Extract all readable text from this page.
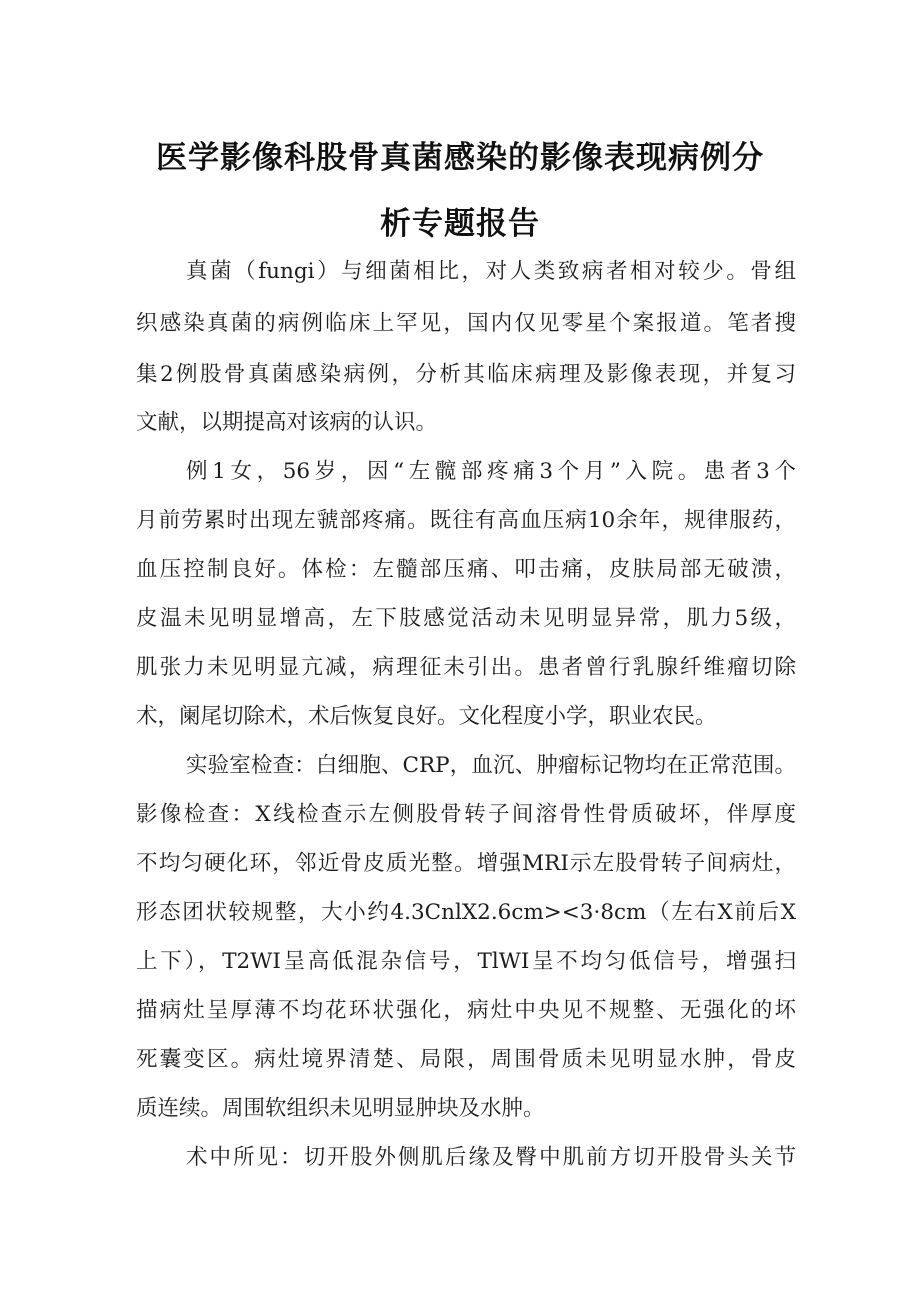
医学影像科股骨真菌感染的影像表现病例分
析专题报告
真菌（fungi）与细菌相比，对人类致病者相对较少。骨组
织感染真菌的病例临床上罕见，国内仅见零星个案报道。笔者搜
集2例股骨真菌感染病例，分析其临床病理及影像表现，并复习
文献，以期提高对该病的认识。
例1女，56岁，因“左髋部疼痛3个月”入院。患者3个
月前劳累时出现左虢部疼痛。既往有高血压病10余年，规律服药，
血压控制良好。体检：左髓部压痛、叩击痛，皮肤局部无破溃，
皮温未见明显增高，左下肢感觉活动未见明显异常，肌力5级，
肌张力未见明显亢减，病理征未引出。患者曾行乳腺纤维瘤切除
术，阑尾切除术，术后恢复良好。文化程度小学，职业农民。
实验室检查：白细胞、CRP，血沉、肿瘤标记物均在正常范围。
影像检查：X线检查示左侧股骨转子间溶骨性骨质破坏，伴厚度
不均匀硬化环，邻近骨皮质光整。增强MRI示左股骨转子间病灶，
形态团状较规整，大小约4.3CnlX2.6cm><3·8cm（左右X前后X
上下），T2WI呈高低混杂信号，TlWI呈不均匀低信号，增强扫
描病灶呈厚薄不均花环状强化，病灶中央见不规整、无强化的坏
死囊变区。病灶境界清楚、局限，周围骨质未见明显水肿，骨皮
质连续。周围软组织未见明显肿块及水肿。
术中所见：切开股外侧肌后缘及臀中肌前方切开股骨头关节
